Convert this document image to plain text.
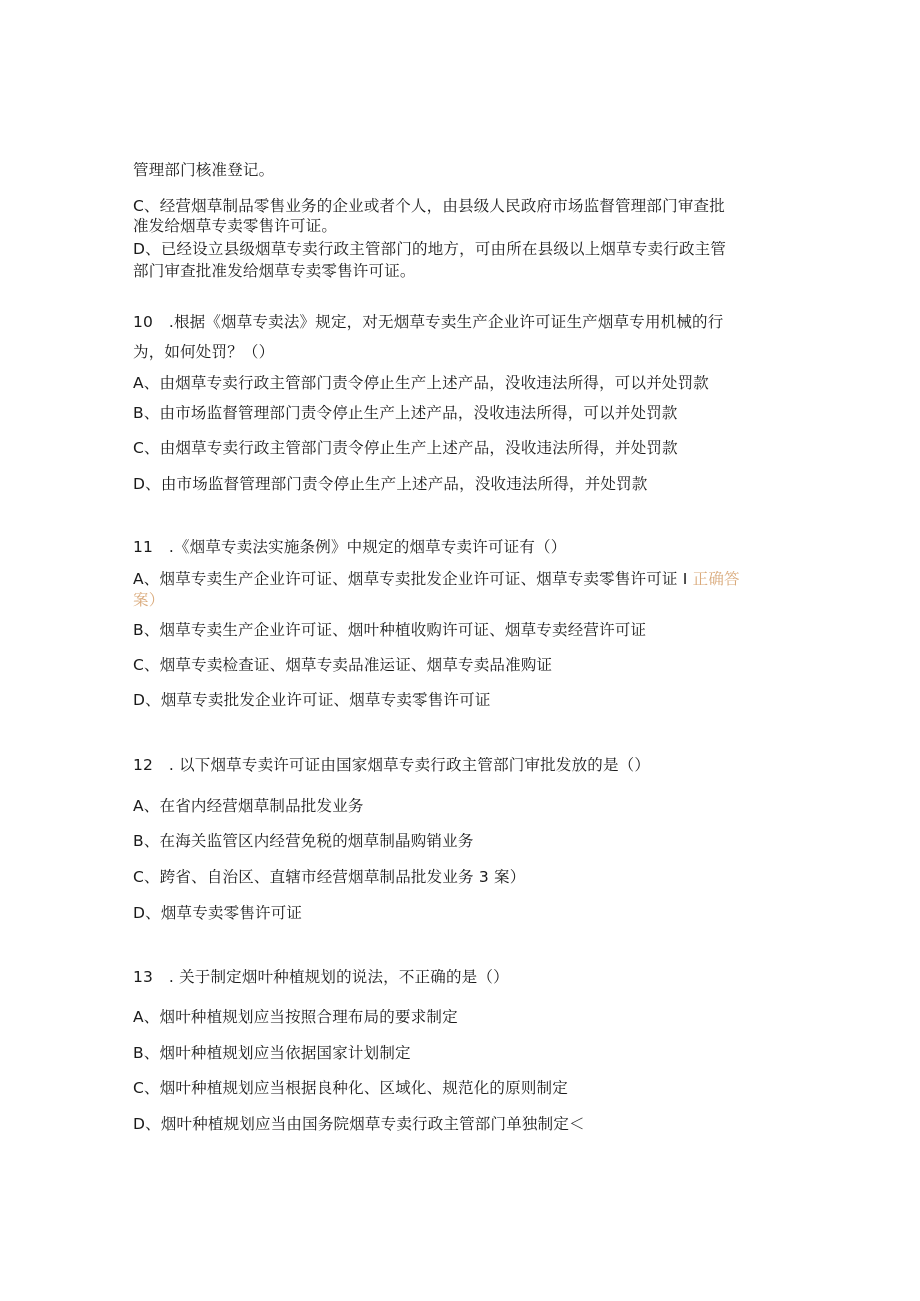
管理部门核准登记。
C、经营烟草制品零售业务的企业或者个人，由县级人民政府市场监督管理部门审查批
准发给烟草专卖零售许可证。
D、已经设立县级烟草专卖行政主管部门的地方，可由所在县级以上烟草专卖行政主管
部门审查批准发给烟草专卖零售许可证。
10　.根据《烟草专卖法》规定，对无烟草专卖生产企业许可证生产烟草专用机械的行
为，如何处罚？（）
A、由烟草专卖行政主管部门责令停止生产上述产品，没收违法所得，可以并处罚款
B、由市场监督管理部门责令停止生产上述产品，没收违法所得，可以并处罚款
C、由烟草专卖行政主管部门责令停止生产上述产品，没收违法所得，并处罚款
D、由市场监督管理部门责令停止生产上述产品，没收违法所得，并处罚款
11　.《烟草专卖法实施条例》中规定的烟草专卖许可证有（）
A、烟草专卖生产企业许可证、烟草专卖批发企业许可证、烟草专卖零售许可证 I 正确答
案）
B、烟草专卖生产企业许可证、烟叶种植收购许可证、烟草专卖经营许可证
C、烟草专卖检查证、烟草专卖品准运证、烟草专卖品准购证
D、烟草专卖批发企业许可证、烟草专卖零售许可证
12　. 以下烟草专卖许可证由国家烟草专卖行政主管部门审批发放的是（）
A、在省内经营烟草制品批发业务
B、在海关监管区内经营免税的烟草制晶购销业务
C、跨省、自治区、直辖市经营烟草制品批发业务 3 案）
D、烟草专卖零售许可证
13　. 关于制定烟叶种植规划的说法，不正确的是（）
A、烟叶种植规划应当按照合理布局的要求制定
B、烟叶种植规划应当依据国家计划制定
C、烟叶种植规划应当根据良种化、区域化、规范化的原则制定
D、烟叶种植规划应当由国务院烟草专卖行政主管部门单独制定＜
